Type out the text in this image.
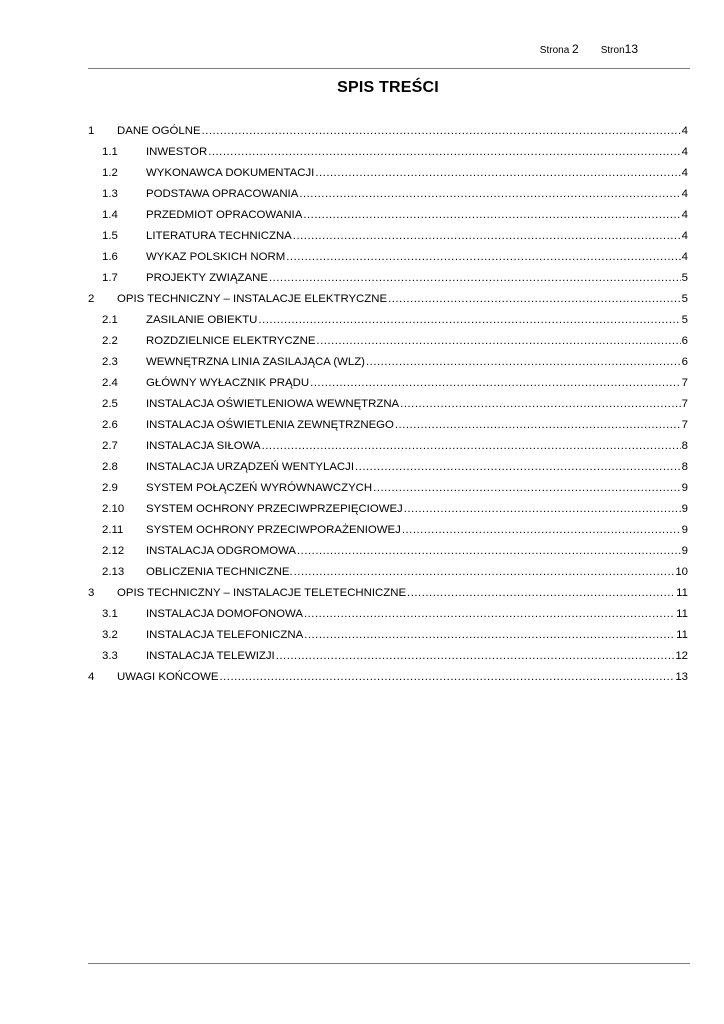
Strona
2 Stron 13
SPIS TREŚCI
1	DANE OGÓLNE .....	4
1.1	INWESTOR .....	4
1.2	WYKONAWCA DOKUMENTACJI .....	4
1.3	PODSTAWA OPRACOWANIA .....	4
1.4	PRZEDMIOT OPRACOWANIA .....	4
1.5	LITERATURA TECHNICZNA .....	4
1.6	WYKAZ POLSKICH NORM .....	4
1.7	PROJEKTY ZWIĄZANE .....	5
2	OPIS TECHNICZNY – INSTALACJE ELEKTRYCZNE .....	5
2.1	ZASILANIE OBIEKTU .....	5
2.2	ROZDZIELNICE ELEKTRYCZNE .....	6
2.3	WEWNĘTRZNA LINIA ZASILAJĄCA (WLZ) .....	6
2.4	GŁÓWNY WYŁACZNIK PRĄDU .....	7
2.5	INSTALACJA OŚWIETLENIOWA WEWNĘTRZNA .....	7
2.6	INSTALACJA OŚWIETLENIA ZEWNĘTRZNEGO .....	7
2.7	INSTALACJA SIŁOWA .....	8
2.8	INSTALACJA URZĄDZEŃ WENTYLACJI .....	8
2.9	SYSTEM POŁĄCZEŃ WYRÓWNAWCZYCH .....	9
2.10	SYSTEM OCHRONY PRZECIWPRZEPIĘCIOWEJ .....	9
2.11	SYSTEM OCHRONY PRZECIWPORAŻENIOWEJ .....	9
2.12	INSTALACJA ODGROMOWA .....	9
2.13	OBLICZENIA TECHNICZNE. .....	10
3	OPIS TECHNICZNY – INSTALACJE TELETECHNICZNE .....	11
3.1	INSTALACJA DOMOFONOWA .....	11
3.2	INSTALACJA TELEFONICZNA .....	11
3.3	INSTALACJA TELEWIZJI .....	12
4	UWAGI KOŃCOWE .....	13
